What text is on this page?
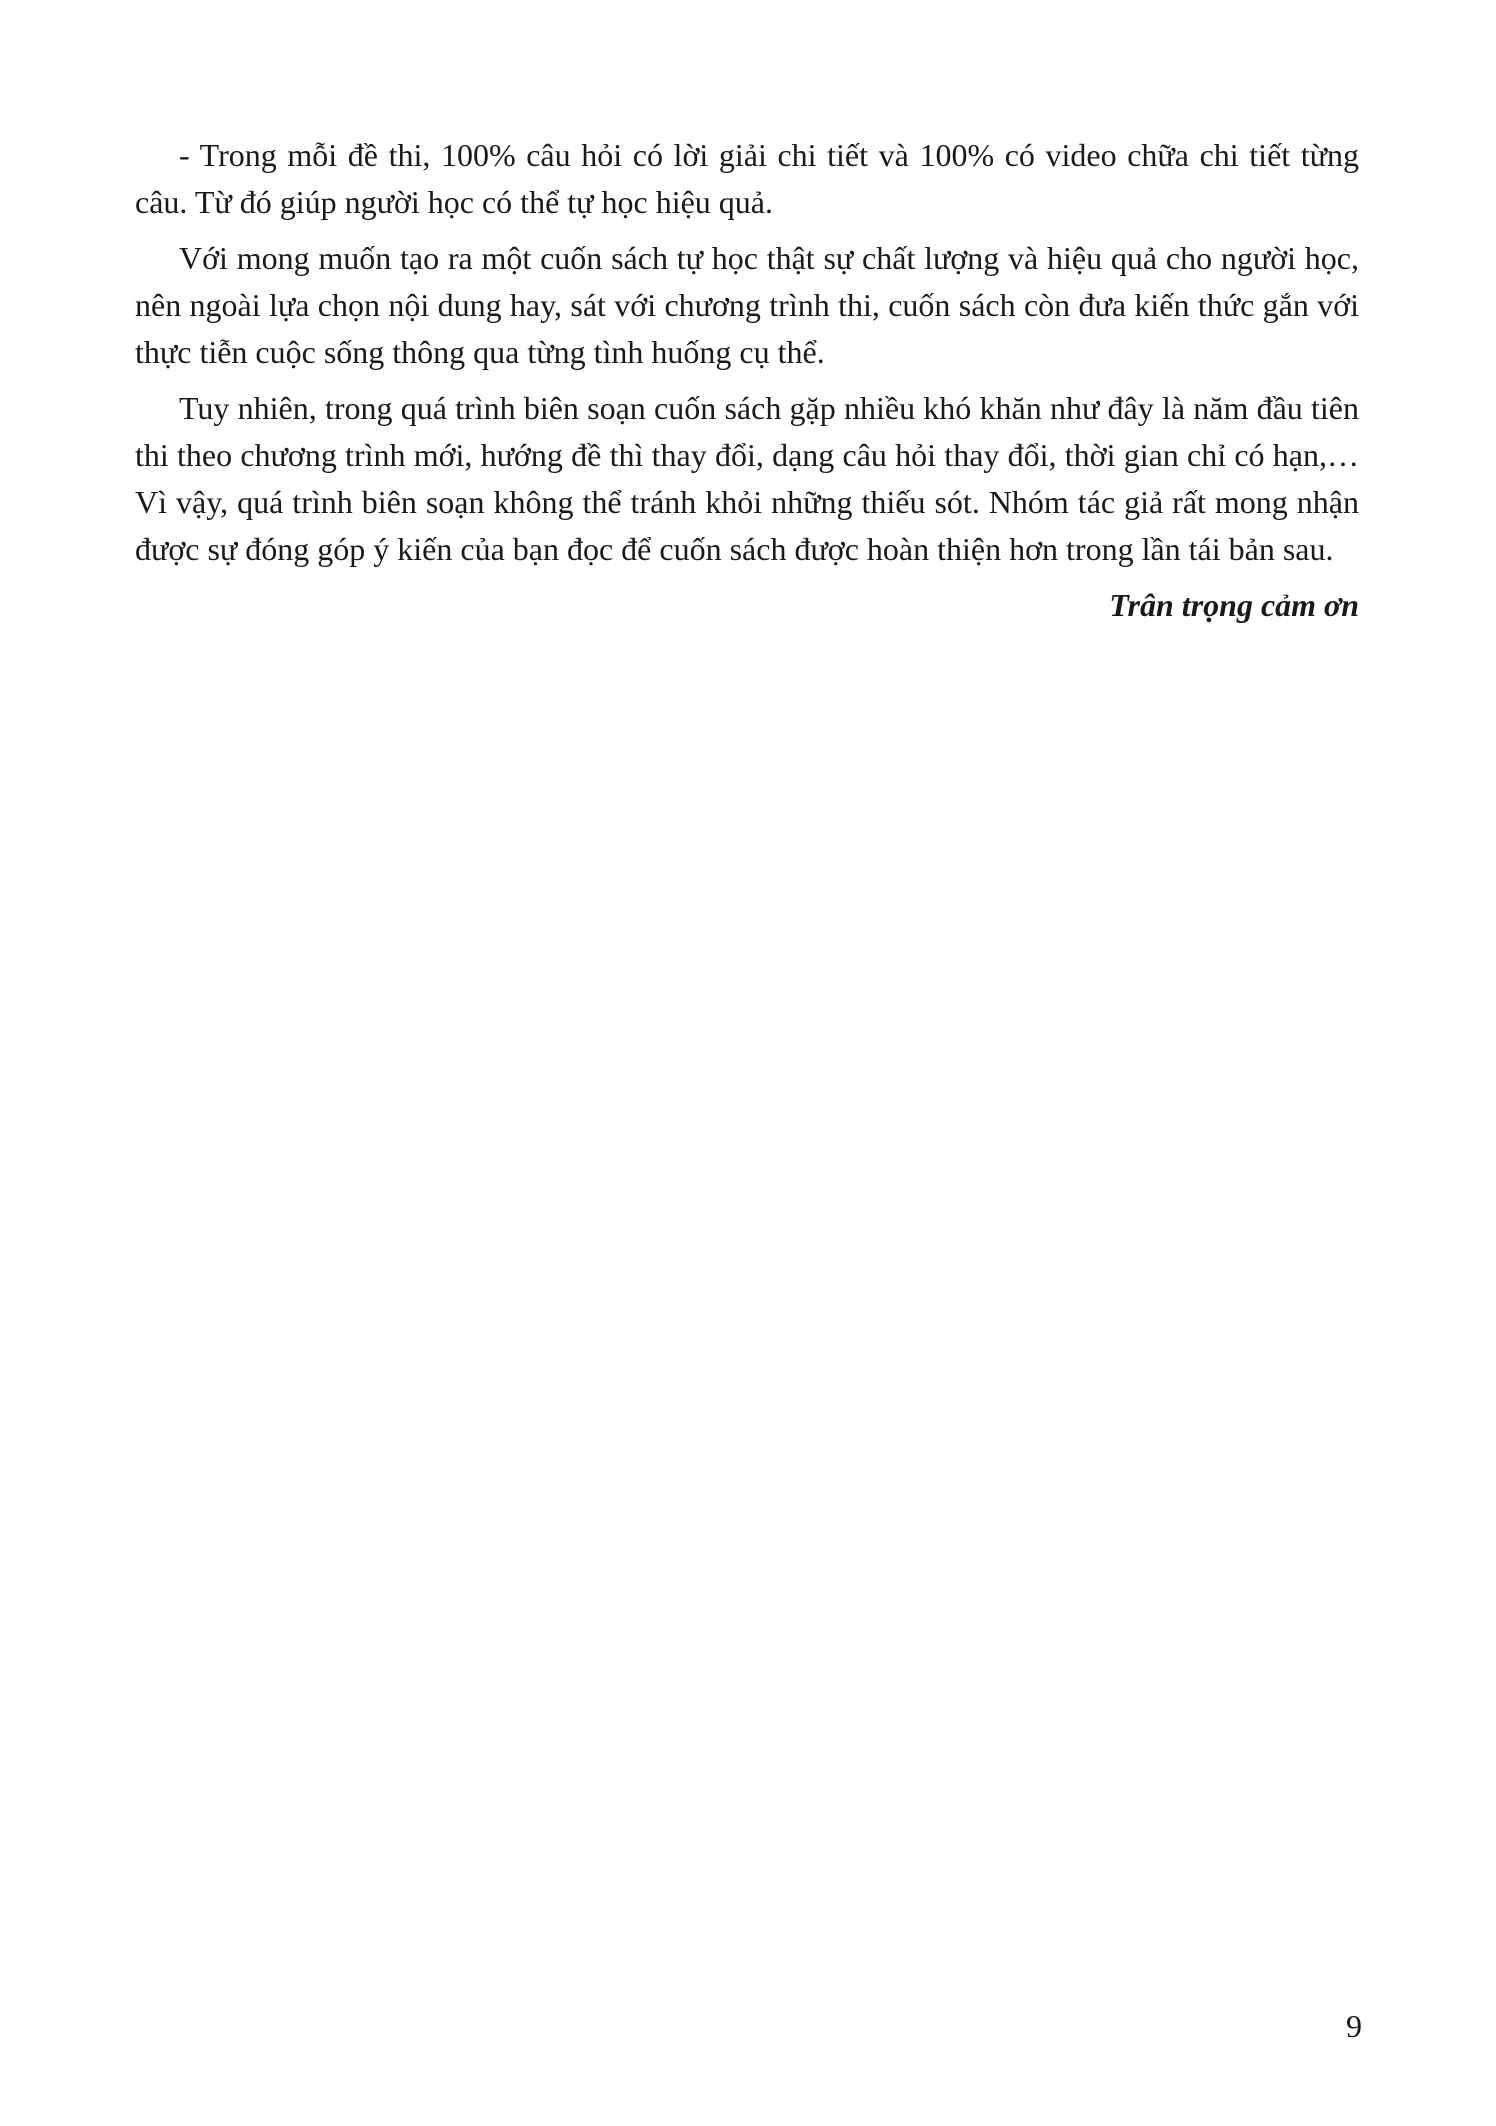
- Trong mỗi đề thi, 100% câu hỏi có lời giải chi tiết và 100% có video chữa chi tiết từng câu. Từ đó giúp người học có thể tự học hiệu quả.

Với mong muốn tạo ra một cuốn sách tự học thật sự chất lượng và hiệu quả cho người học, nên ngoài lựa chọn nội dung hay, sát với chương trình thi, cuốn sách còn đưa kiến thức gắn với thực tiễn cuộc sống thông qua từng tình huống cụ thể.

Tuy nhiên, trong quá trình biên soạn cuốn sách gặp nhiều khó khăn như đây là năm đầu tiên thi theo chương trình mới, hướng đề thì thay đổi, dạng câu hỏi thay đổi, thời gian chỉ có hạn,… Vì vậy, quá trình biên soạn không thể tránh khỏi những thiếu sót. Nhóm tác giả rất mong nhận được sự đóng góp ý kiến của bạn đọc để cuốn sách được hoàn thiện hơn trong lần tái bản sau.

Trân trọng cảm ơn

9
